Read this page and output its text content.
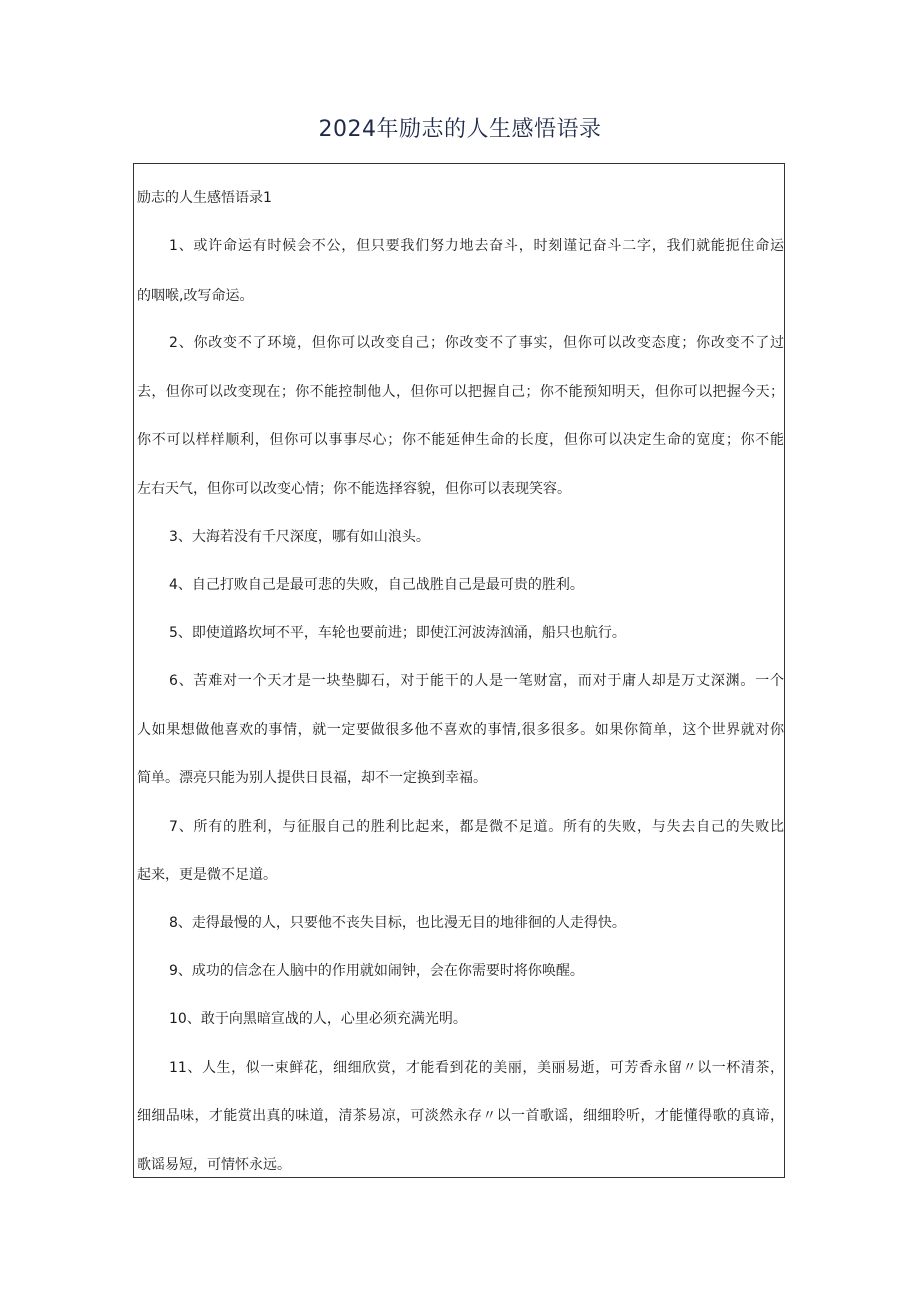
2024年励志的人生感悟语录
励志的人生感悟语录1
1、或许命运有时候会不公，但只要我们努力地去奋斗，时刻谨记奋斗二字，我们就能扼住命运
的咽喉,改写命运。
2、你改变不了环境，但你可以改变自己；你改变不了事实，但你可以改变态度；你改变不了过
去，但你可以改变现在；你不能控制他人，但你可以把握自己；你不能预知明天，但你可以把握今天；
你不可以样样顺利，但你可以事事尽心；你不能延伸生命的长度，但你可以决定生命的宽度；你不能
左右天气，但你可以改变心情；你不能选择容貌，但你可以表现笑容。
3、大海若没有千尺深度，哪有如山浪头。
4、自己打败自己是最可悲的失败，自己战胜自己是最可贵的胜利。
5、即使道路坎坷不平，车轮也要前进；即使江河波涛汹涌，船只也航行。
6、苦难对一个天才是一块垫脚石，对于能干的人是一笔财富，而对于庸人却是万丈深渊。一个
人如果想做他喜欢的事情，就一定要做很多他不喜欢的事情,很多很多。如果你简单，这个世界就对你
简单。漂亮只能为别人提供日艮福，却不一定换到幸福。
7、所有的胜利，与征服自己的胜利比起来，都是微不足道。所有的失败，与失去自己的失败比
起来，更是微不足道。
8、走得最慢的人，只要他不丧失目标，也比漫无目的地徘徊的人走得快。
9、成功的信念在人脑中的作用就如闹钟，会在你需要时将你唤醒。
10、敢于向黑暗宣战的人，心里必须充满光明。
11、人生，似一束鲜花，细细欣赏，才能看到花的美丽，美丽易逝，可芳香永留〃以一杯清茶，
细细品味，才能赏出真的味道，清茶易凉，可淡然永存〃以一首歌谣，细细聆听，才能懂得歌的真谛，
歌谣易短，可情怀永远。
